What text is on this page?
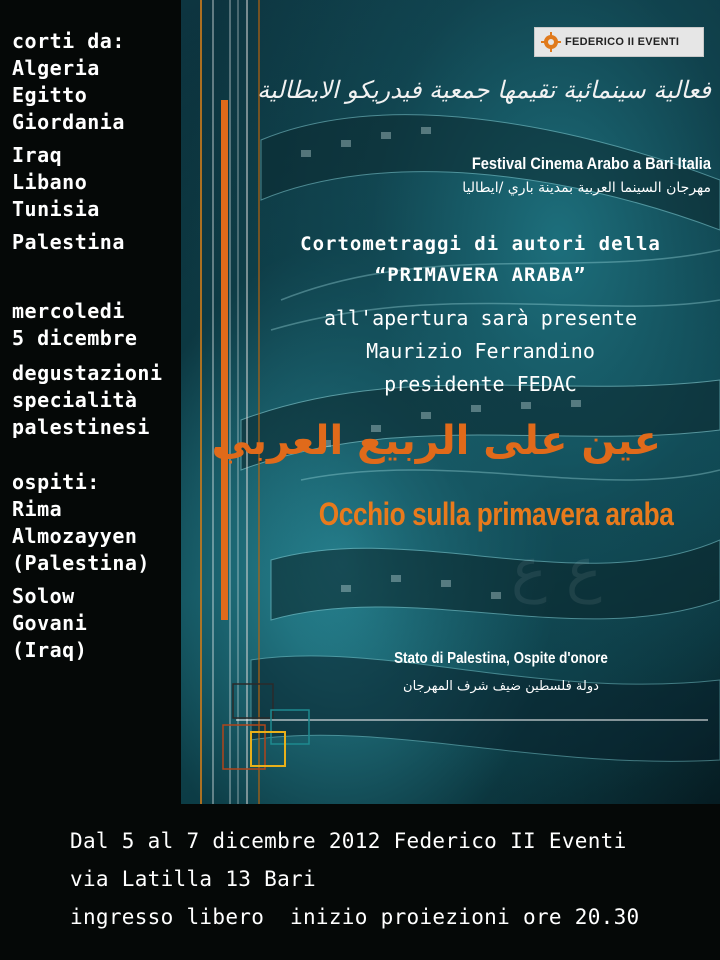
corti da:
Algeria
Egitto
Giordania
Iraq
Libano
Tunisia
Palestina
mercoledi
5 dicembre
degustazioni
specialità
palestinesi
ospiti:
Rima
Almozayyen
(Palestina)
Solow
Govani
(Iraq)
ع ع
FEDERICO II EVENTI
فعالية سينمائية تقيمها جمعية فيدريكو الايطالية
Festival Cinema Arabo a Bari Italia
مهرجان السينما العربية بمدينة باري /ايطاليا
Cortometraggi di autori della
“PRIMAVERA ARABA”
all'apertura sarà presente
Maurizio Ferrandino
presidente FEDAC
عين على الربيع العربي
Occhio sulla primavera araba
Stato di Palestina, Ospite d'onore
دولة فلسطين ضيف شرف المهرجان
Dal 5 al 7 dicembre 2012 Federico II Eventi
via Latilla 13 Bari
ingresso libero  inizio proiezioni ore 20.30
